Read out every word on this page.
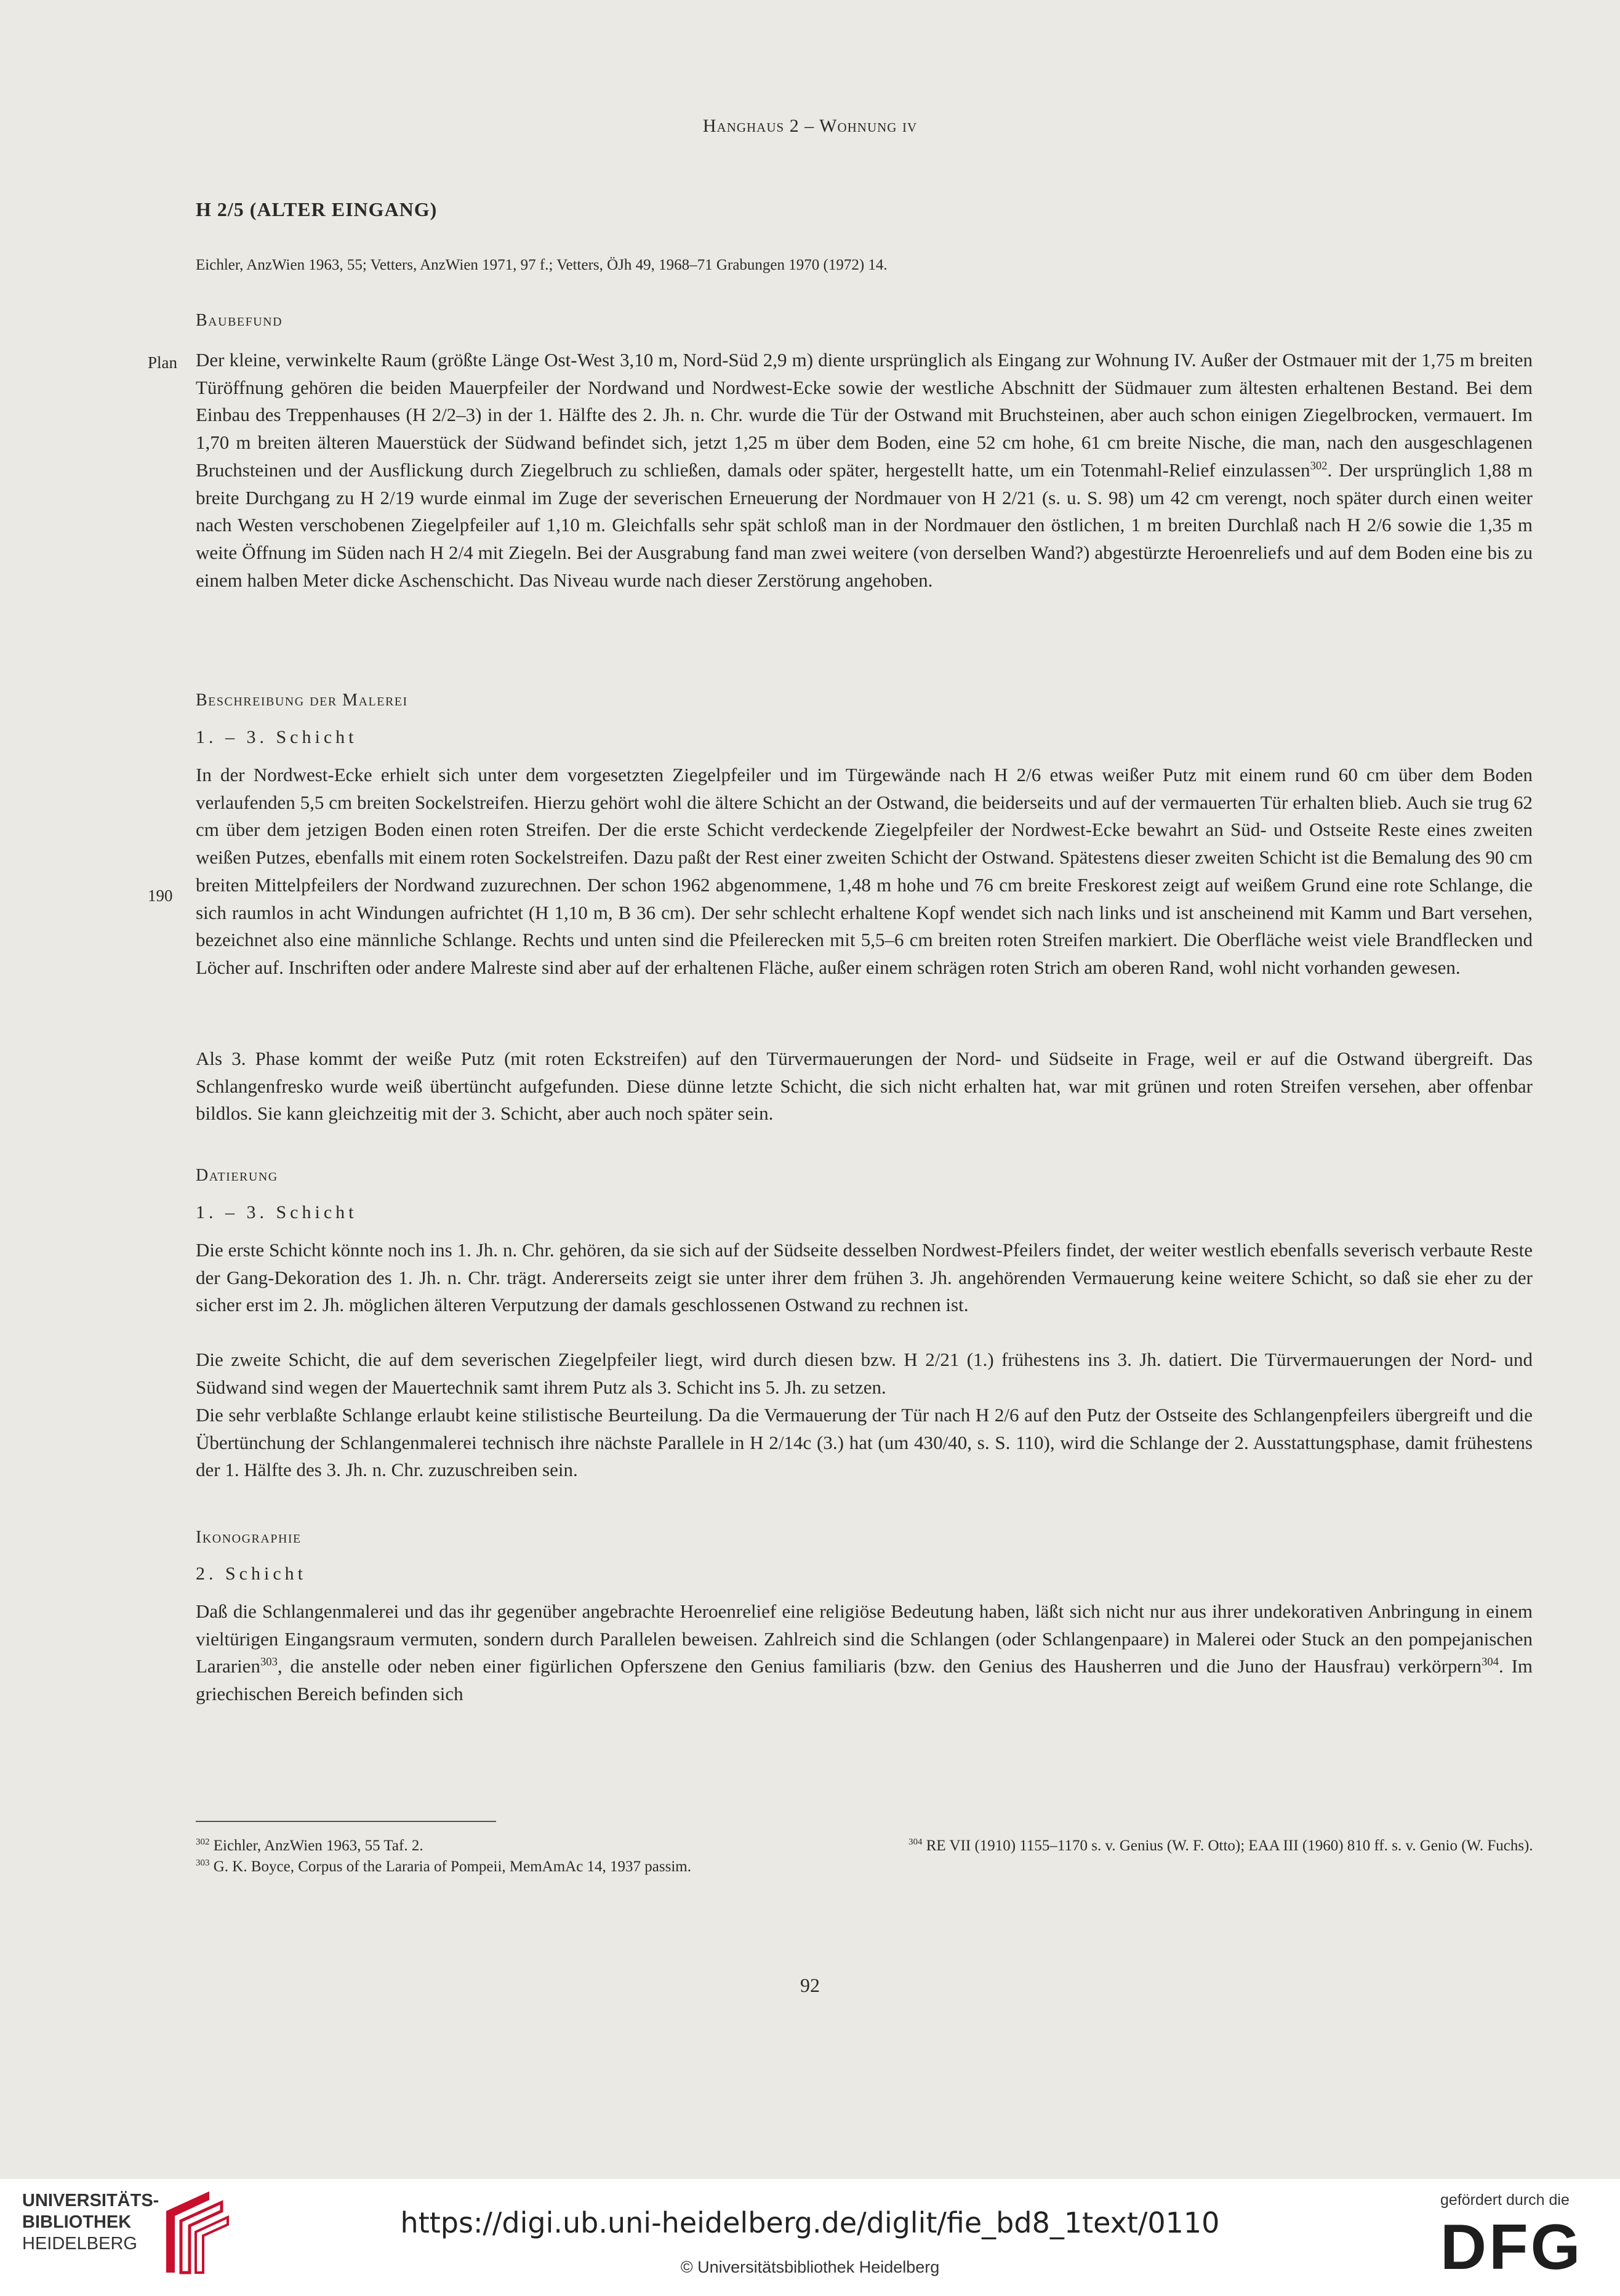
Hanghaus 2 – Wohnung iv
H 2/5 (ALTER EINGANG)
Eichler, AnzWien 1963, 55; Vetters, AnzWien 1971, 97 f.; Vetters, ÖJh 49, 1968–71 Grabungen 1970 (1972) 14.
Baubefund
Plan Der kleine, verwinkelte Raum (größte Länge Ost-West 3,10 m, Nord-Süd 2,9 m) diente ursprünglich als Eingang zur Wohnung IV. Außer der Ostmauer mit der 1,75 m breiten Türöffnung gehören die beiden Mauerpfeiler der Nordwand und Nordwest-Ecke sowie der westliche Abschnitt der Südmauer zum ältesten erhaltenen Bestand. Bei dem Einbau des Treppenhauses (H 2/2–3) in der 1. Hälfte des 2. Jh. n. Chr. wurde die Tür der Ostwand mit Bruchsteinen, aber auch schon einigen Ziegelbrocken, vermauert. Im 1,70 m breiten älteren Mauerstück der Südwand befindet sich, jetzt 1,25 m über dem Boden, eine 52 cm hohe, 61 cm breite Nische, die man, nach den ausgeschlagenen Bruchsteinen und der Ausflickung durch Ziegelbruch zu schließen, damals oder später, hergestellt hatte, um ein Totenmahl-Relief einzulassen$^{302}$. Der ursprünglich 1,88 m breite Durchgang zu H 2/19 wurde einmal im Zuge der severischen Erneuerung der Nordmauer von H 2/21 (s. u. S. 98) um 42 cm verengt, noch später durch einen weiter nach Westen verschobenen Ziegelpfeiler auf 1,10 m. Gleichfalls sehr spät schloß man in der Nordmauer den östlichen, 1 m breiten Durchlaß nach H 2/6 sowie die 1,35 m weite Öffnung im Süden nach H 2/4 mit Ziegeln. Bei der Ausgrabung fand man zwei weitere (von derselben Wand?) abgestürzte Heroenreliefs und auf dem Boden eine bis zu einem halben Meter dicke Aschenschicht. Das Niveau wurde nach dieser Zerstörung angehoben.
Beschreibung der Malerei
1. – 3. Schicht
190
In der Nordwest-Ecke erhielt sich unter dem vorgesetzten Ziegelpfeiler und im Türgewände nach H 2/6 etwas weißer Putz mit einem rund 60 cm über dem Boden verlaufenden 5,5 cm breiten Sockelstreifen. Hierzu gehört wohl die ältere Schicht an der Ostwand, die beiderseits und auf der vermauerten Tür erhalten blieb. Auch sie trug 62 cm über dem jetzigen Boden einen roten Streifen. Der die erste Schicht verdeckende Ziegelpfeiler der Nordwest-Ecke bewahrt an Süd- und Ostseite Reste eines zweiten weißen Putzes, ebenfalls mit einem roten Sockelstreifen. Dazu paßt der Rest einer zweiten Schicht der Ostwand. Spätestens dieser zweiten Schicht ist die Bemalung des 90 cm breiten Mittelpfeilers der Nordwand zuzurechnen. Der schon 1962 abgenommene, 1,48 m hohe und 76 cm breite Freskorest zeigt auf weißem Grund eine rote Schlange, die sich raumlos in acht Windungen aufrichtet (H 1,10 m, B 36 cm). Der sehr schlecht erhaltene Kopf wendet sich nach links und ist anscheinend mit Kamm und Bart versehen, bezeichnet also eine männliche Schlange. Rechts und unten sind die Pfeilerecken mit 5,5–6 cm breiten roten Streifen markiert. Die Oberfläche weist viele Brandflecken und Löcher auf. Inschriften oder andere Malreste sind aber auf der erhaltenen Fläche, außer einem schrägen roten Strich am oberen Rand, wohl nicht vorhanden gewesen.
Als 3. Phase kommt der weiße Putz (mit roten Eckstreifen) auf den Türvermauerungen der Nord- und Südseite in Frage, weil er auf die Ostwand übergreift. Das Schlangenfresko wurde weiß übertüncht aufgefunden. Diese dünne letzte Schicht, die sich nicht erhalten hat, war mit grünen und roten Streifen versehen, aber offenbar bildlos. Sie kann gleichzeitig mit der 3. Schicht, aber auch noch später sein.
Datierung
1. – 3. Schicht
Die erste Schicht könnte noch ins 1. Jh. n. Chr. gehören, da sie sich auf der Südseite desselben Nordwest-Pfeilers findet, der weiter westlich ebenfalls severisch verbaute Reste der Gang-Dekoration des 1. Jh. n. Chr. trägt. Andererseits zeigt sie unter ihrer dem frühen 3. Jh. angehörenden Vermauerung keine weitere Schicht, so daß sie eher zu der sicher erst im 2. Jh. möglichen älteren Verputzung der damals geschlossenen Ostwand zu rechnen ist.
Die zweite Schicht, die auf dem severischen Ziegelpfeiler liegt, wird durch diesen bzw. H 2/21 (1.) frühestens ins 3. Jh. datiert. Die Türvermauerungen der Nord- und Südwand sind wegen der Mauertechnik samt ihrem Putz als 3. Schicht ins 5. Jh. zu setzen.
Die sehr verblaßte Schlange erlaubt keine stilistische Beurteilung. Da die Vermauerung der Tür nach H 2/6 auf den Putz der Ostseite des Schlangenpfeilers übergreift und die Übertünchung der Schlangenmalerei technisch ihre nächste Parallele in H 2/14c (3.) hat (um 430/40, s. S. 110), wird die Schlange der 2. Ausstattungsphase, damit frühestens der 1. Hälfte des 3. Jh. n. Chr. zuzuschreiben sein.
Ikonographie
2. Schicht
Daß die Schlangenmalerei und das ihr gegenüber angebrachte Heroenrelief eine religiöse Bedeutung haben, läßt sich nicht nur aus ihrer undekorativen Anbringung in einem vieltürigen Eingangsraum vermuten, sondern durch Parallelen beweisen. Zahlreich sind die Schlangen (oder Schlangenpaare) in Malerei oder Stuck an den pompejanischen Lararien$^{303}$, die anstelle oder neben einer figürlichen Opferszene den Genius familiaris (bzw. den Genius des Hausherren und die Juno der Hausfrau) verkörpern$^{304}$. Im griechischen Bereich befinden sich
$^{302}$ Eichler, AnzWien 1963, 55 Taf. 2.
$^{303}$ G. K. Boyce, Corpus of the Lararia of Pompeii, MemAmAc 14, 1937 passim.
$^{304}$ RE VII (1910) 1155–1170 s. v. Genius (W. F. Otto); EAA III (1960) 810 ff. s. v. Genio (W. Fuchs).
92
UNIVERSITÄTS-
BIBLIOTHEK
HEIDELBERG
https://digi.ub.uni-heidelberg.de/diglit/fie_bd8_1text/0110
© Universitätsbibliothek Heidelberg
gefördert durch die
DFG
